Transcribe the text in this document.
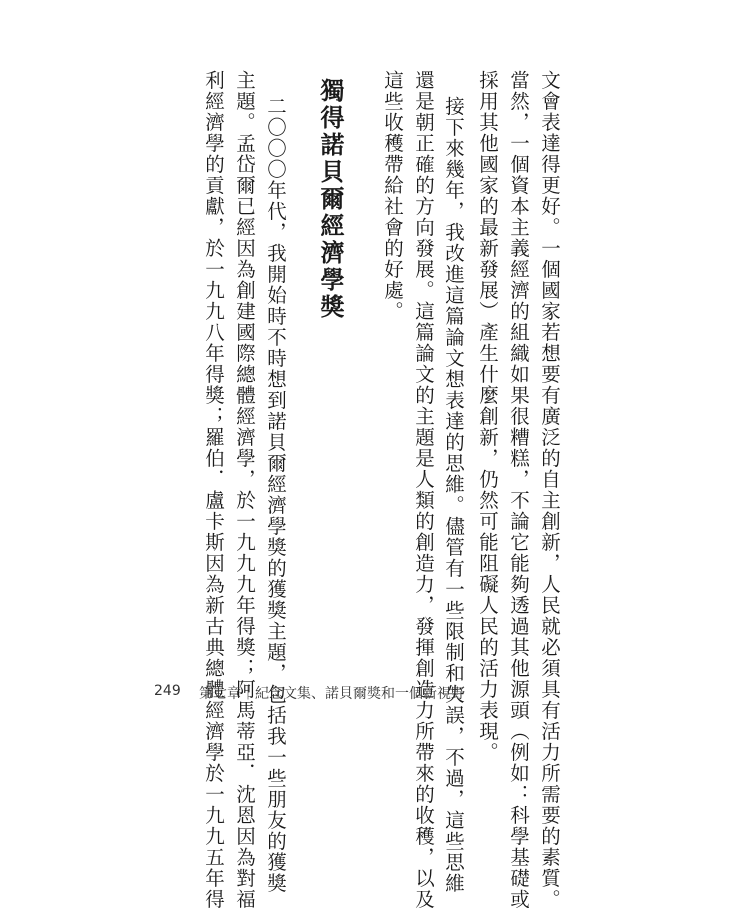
文會表達得更好。一個國家若想要有廣泛的自主創新，人民就必須具有活力所需要的素質。
當然，一個資本主義經濟的組織如果很糟糕，不論它能夠透過其他源頭（例如：科學基礎或
採用其他國家的最新發展）產生什麼創新，仍然可能阻礙人民的活力表現。
接下來幾年，我改進這篇論文想表達的思維。儘管有一些限制和失誤，不過，這些思維
還是朝正確的方向發展。這篇論文的主題是人類的創造力，發揮創造力所帶來的收穫，以及
這些收穫帶給社會的好處。
獨得諾貝爾經濟學獎
二〇〇〇年代，我開始時不時想到諾貝爾經濟學獎的獲獎主題，包括我一些朋友的獲獎
主題。孟岱爾已經因為創建國際總體經濟學，於一九九九年得獎；阿馬蒂亞．沈恩因為對福
利經濟學的貢獻，於一九九八年得獎；羅伯．盧卡斯因為新古典總體經濟學於一九九五年得
249 第七章｜紀念文集、諾貝爾獎和一個新視野
